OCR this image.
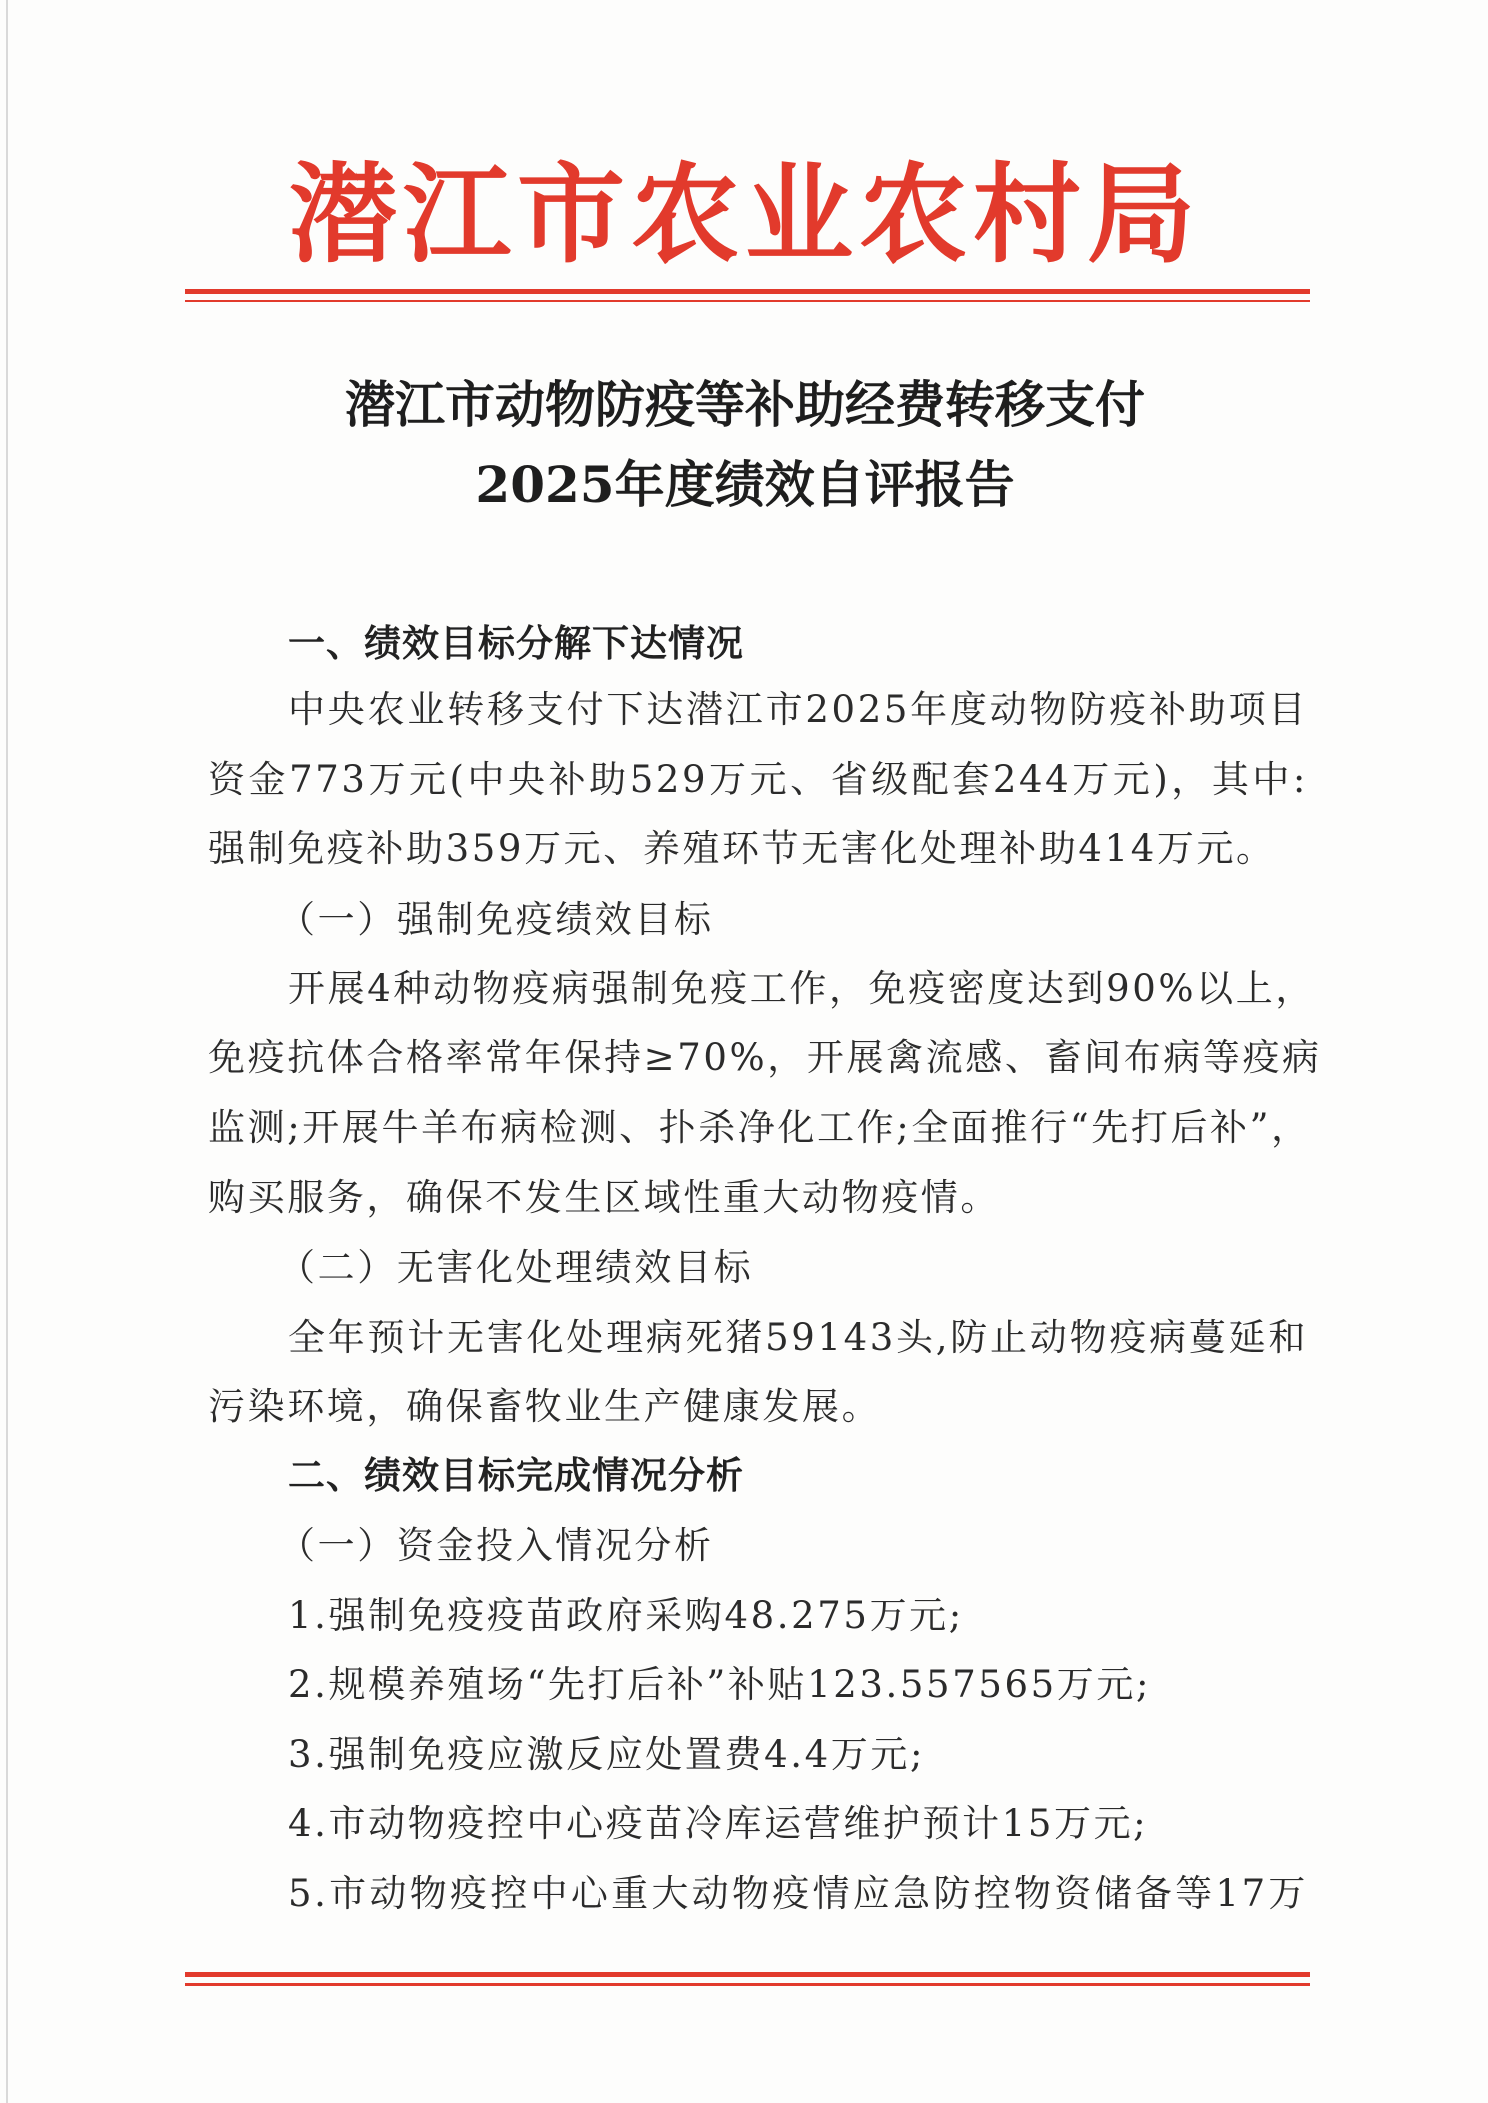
潜江市农业农村局
潜江市动物防疫等补助经费转移支付
2025年度绩效自评报告
一、绩效目标分解下达情况
中央农业转移支付下达潜江市2025年度动物防疫补助项目
资金773万元(中央补助529万元、省级配套244万元)，其中:
强制免疫补助359万元、养殖环节无害化处理补助414万元。
（一）强制免疫绩效目标
开展4种动物疫病强制免疫工作，免疫密度达到90%以上，
免疫抗体合格率常年保持≥70%，开展禽流感、畜间布病等疫病
监测;开展牛羊布病检测、扑杀净化工作;全面推行“先打后补”，
购买服务，确保不发生区域性重大动物疫情。
（二）无害化处理绩效目标
全年预计无害化处理病死猪59143头,防止动物疫病蔓延和
污染环境，确保畜牧业生产健康发展。
二、绩效目标完成情况分析
（一）资金投入情况分析
1.强制免疫疫苗政府采购48.275万元;
2.规模养殖场“先打后补”补贴123.557565万元;
3.强制免疫应激反应处置费4.4万元;
4.市动物疫控中心疫苗冷库运营维护预计15万元;
5.市动物疫控中心重大动物疫情应急防控物资储备等17万
